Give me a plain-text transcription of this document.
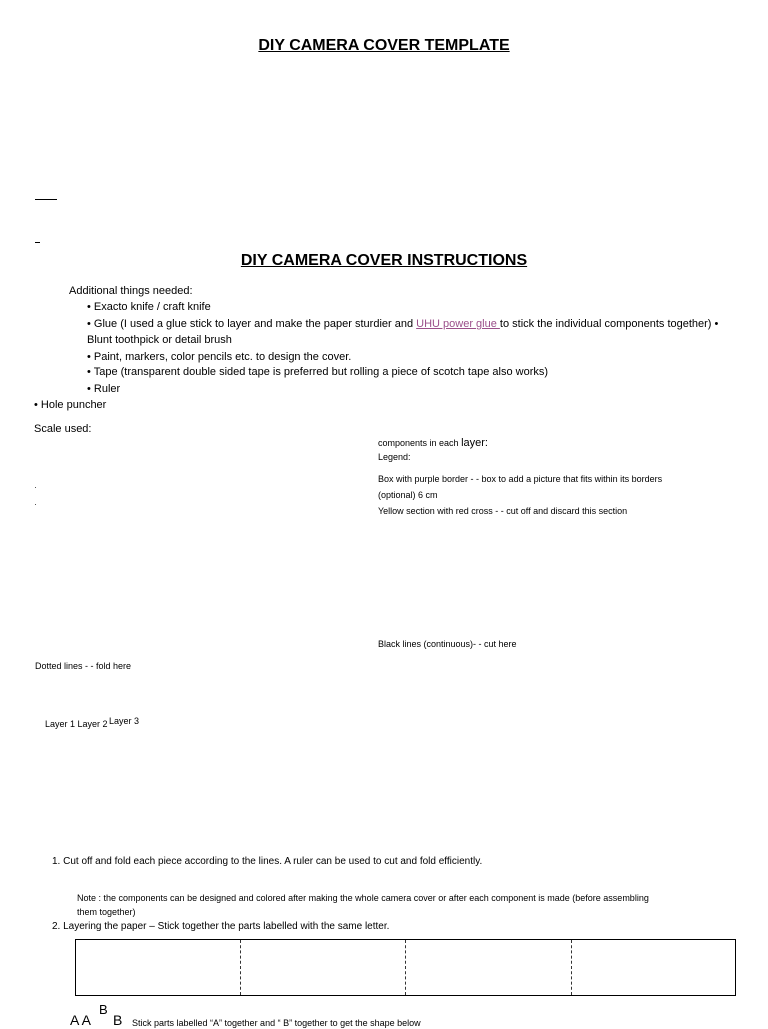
DIY CAMERA COVER TEMPLATE
DIY CAMERA COVER INSTRUCTIONS
Additional things needed:
• Exacto knife / craft knife
• Glue (I used a glue stick to layer and make the paper sturdier and UHU power glue to stick the individual components together) •
Blunt toothpick or detail brush
• Paint, markers, color pencils etc. to design the cover.
• Tape (transparent double sided tape is preferred but rolling a piece of scotch tape also works)
• Ruler
• Hole puncher
Scale used:
components in each layer:
Legend:
Box with purple border - - box to add a picture that fits within its borders
(optional) 6 cm
Yellow section with red cross - - cut off and discard this section
Black lines (continuous)- - cut here
Dotted lines - - fold here
Layer 1 Layer 2 Layer 3
1. Cut off and fold each piece according to the lines. A ruler can be used to cut and fold efficiently.
Note : the components can be designed and colored after making the whole camera cover or after each component is made (before assembling
them together)
2. Layering the paper – Stick together the parts labelled with the same letter.
A A
B
B Stick parts labelled “A” together and “ B” together to get the shape below
